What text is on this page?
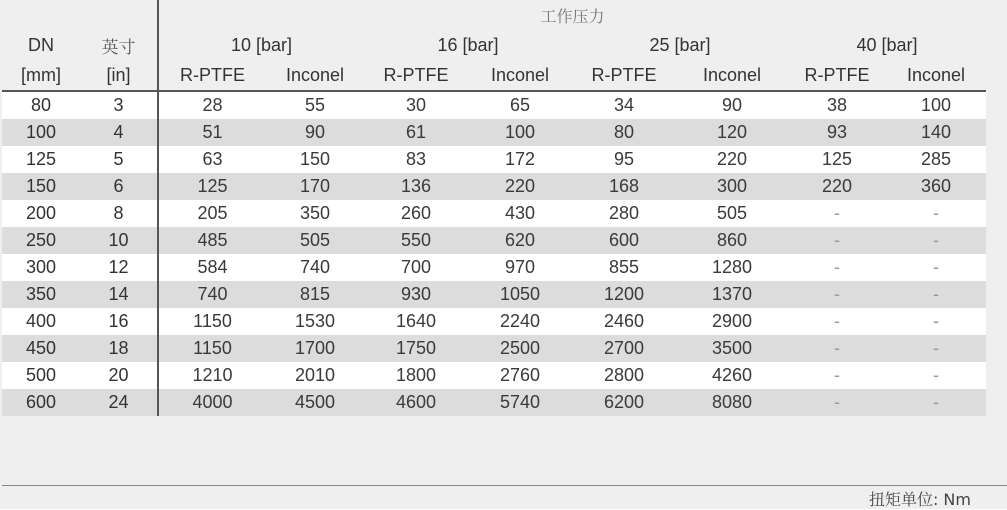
		工作压力							
DN	英寸	10 [bar]		16 [bar]		25 [bar]		40 [bar]	
[mm]	[in]	R-PTFE	Inconel	R-PTFE	Inconel	R-PTFE	Inconel	R-PTFE	Inconel
80	3	28	55	30	65	34	90	38	100
100	4	51	90	61	100	80	120	93	140
125	5	63	150	83	172	95	220	125	285
150	6	125	170	136	220	168	300	220	360
200	8	205	350	260	430	280	505	-	-
250	10	485	505	550	620	600	860	-	-
300	12	584	740	700	970	855	1280	-	-
350	14	740	815	930	1050	1200	1370	-	-
400	16	1150	1530	1640	2240	2460	2900	-	-
450	18	1150	1700	1750	2500	2700	3500	-	-
500	20	1210	2010	1800	2760	2800	4260	-	-
600	24	4000	4500	4600	5740	6200	8080	-	-
扭矩单位: Nm
